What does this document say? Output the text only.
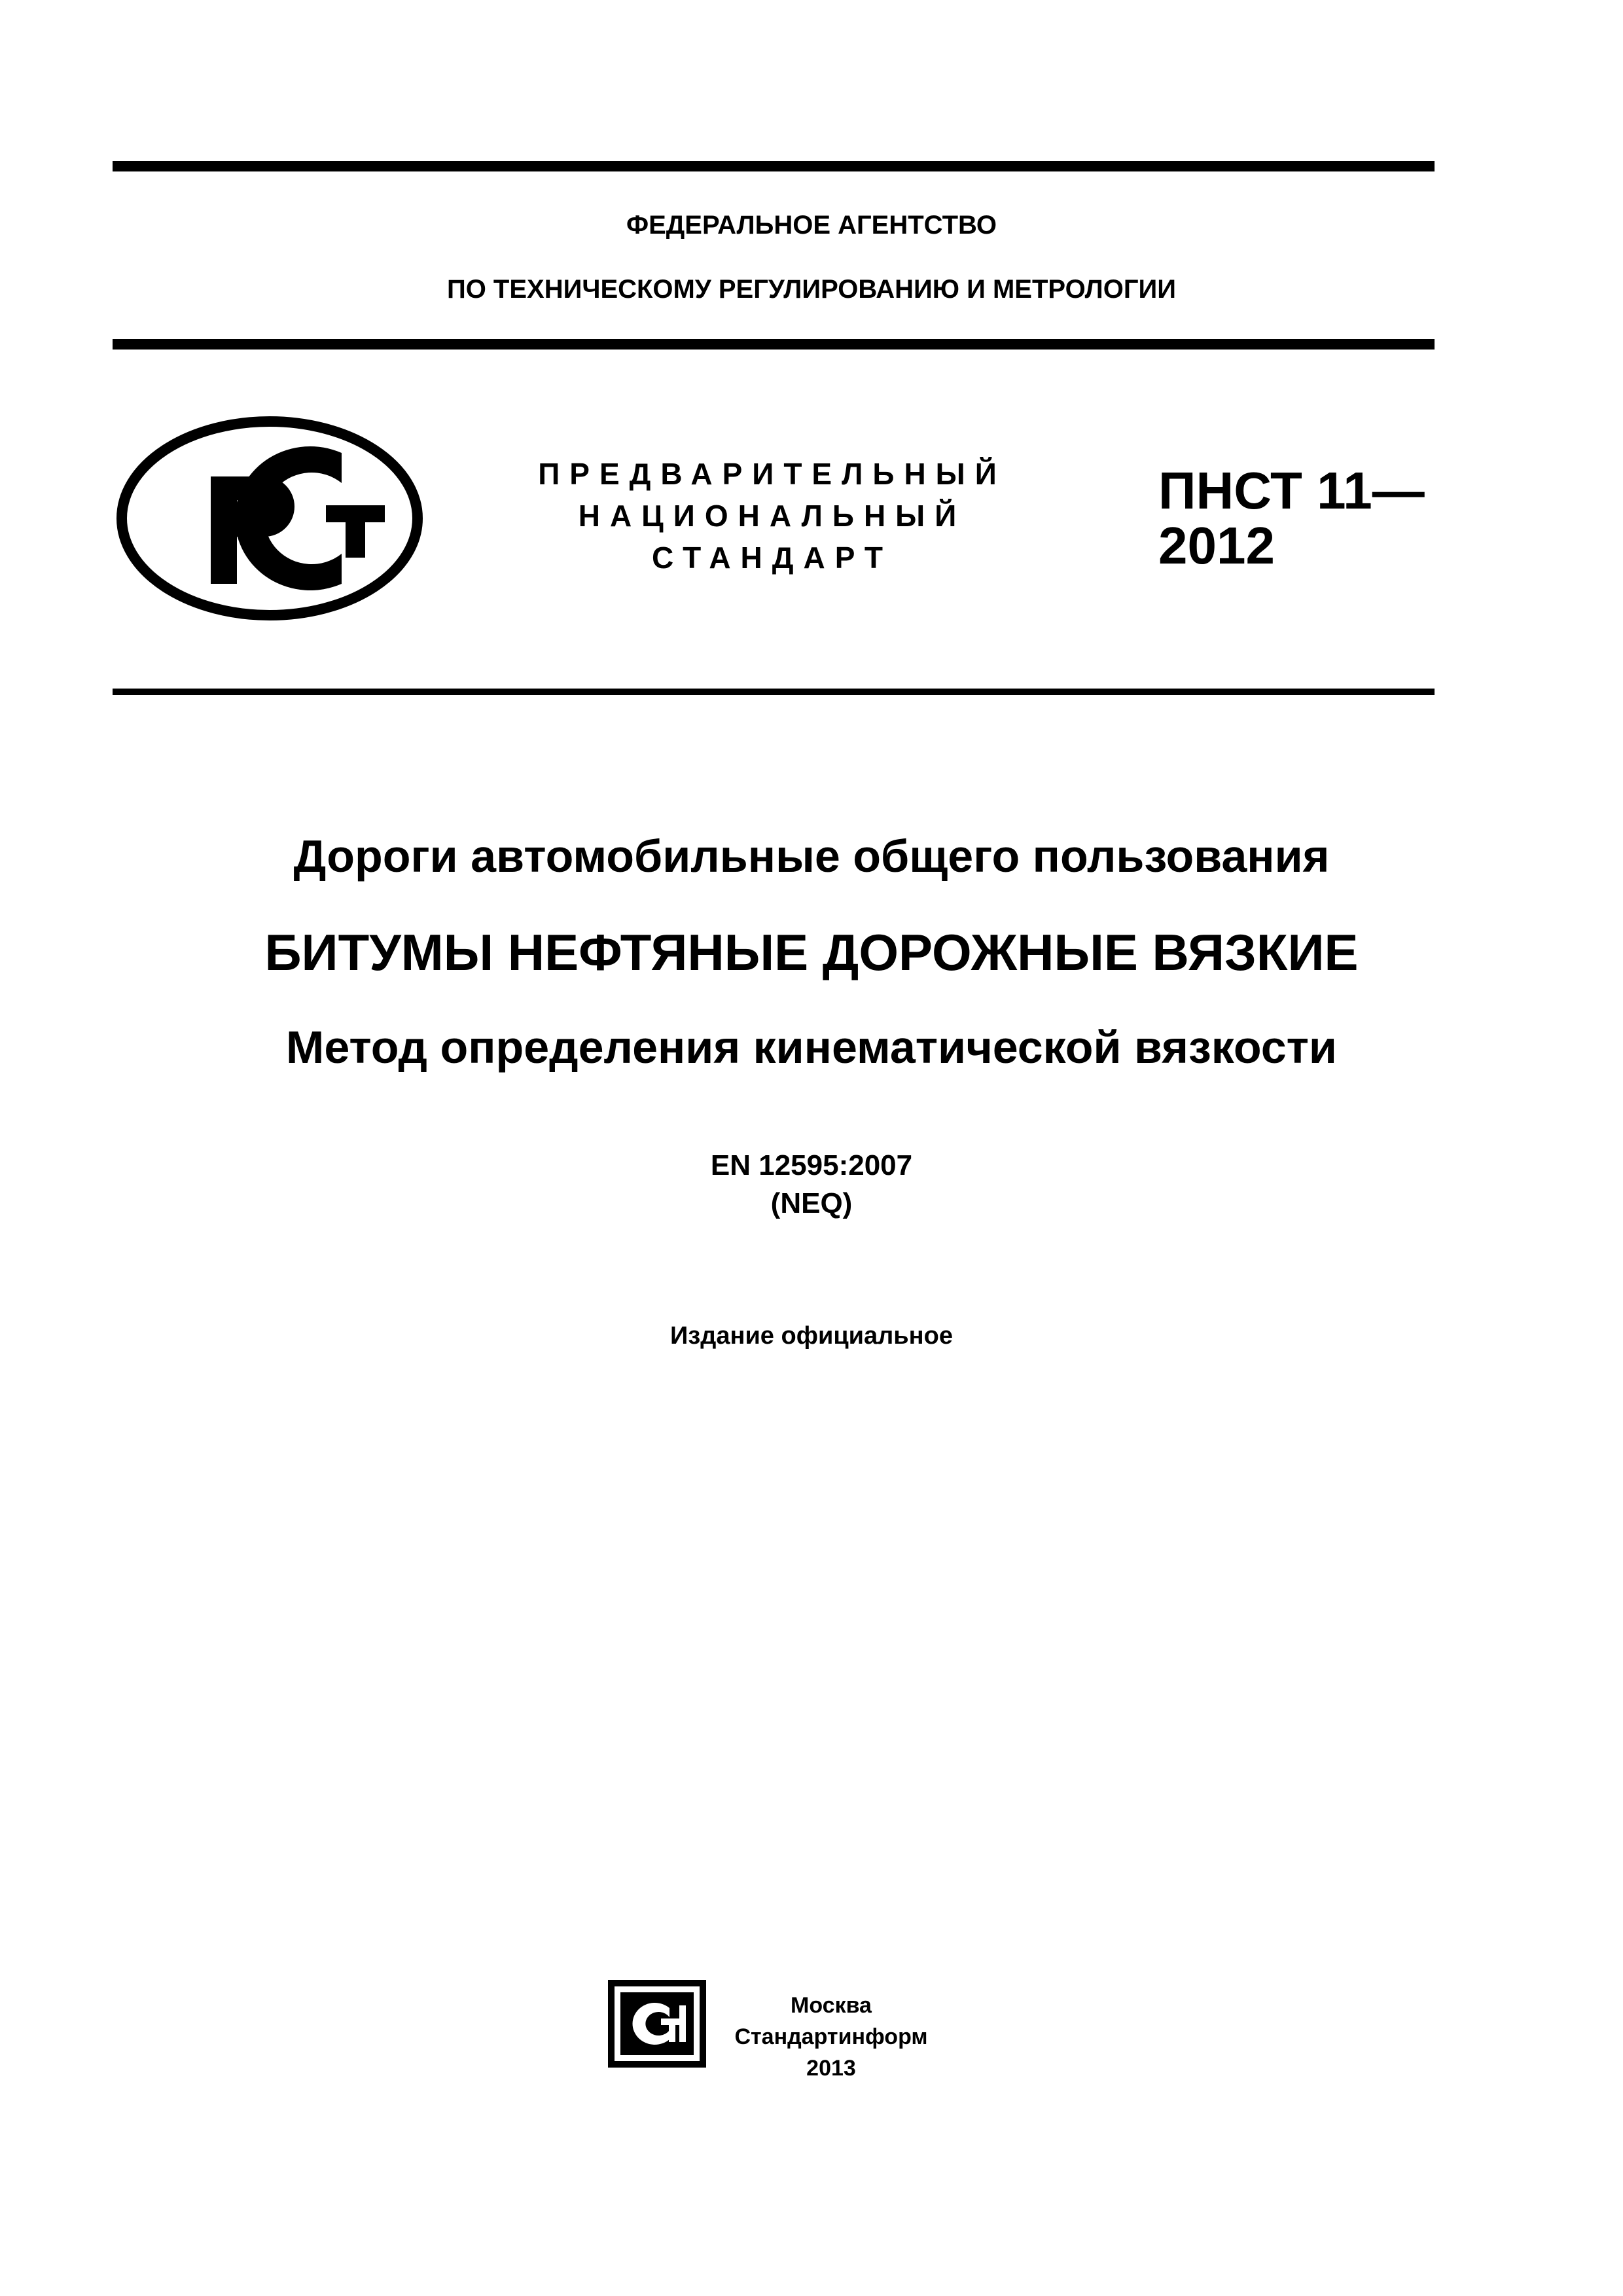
ФЕДЕРАЛЬНОЕ АГЕНТСТВО
ПО ТЕХНИЧЕСКОМУ РЕГУЛИРОВАНИЮ И МЕТРОЛОГИИ
ПРЕДВАРИТЕЛЬНЫЙ
НАЦИОНАЛЬНЫЙ
СТАНДАРТ
ПНСТ 11—
2012
Дороги автомобильные общего пользования
БИТУМЫ НЕФТЯНЫЕ ДОРОЖНЫЕ ВЯЗКИЕ
Метод определения кинематической вязкости
EN 12595:2007
(NEQ)
Издание официальное
Москва
Стандартинформ
2013
